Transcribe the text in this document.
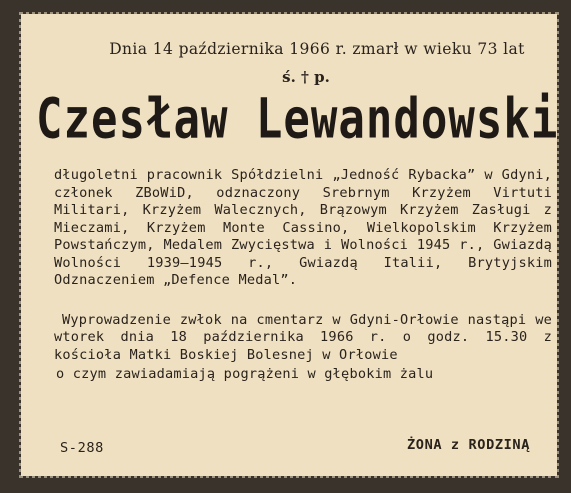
Dnia 14 października 1966 r. zmarł w wieku 73 lat
ś. † p.
Czesław Lewandowski
długoletni pracownik Spółdzielni „Jedność Rybacka” w Gdyni, członek ZBoWiD, odznaczony Srebrnym Krzyżem Virtuti Militari, Krzyżem Walecznych, Brązowym Krzyżem Zasługi z Mieczami, Krzyżem Monte Cassino, Wielkopolskim Krzyżem Powstańczym, Medalem Zwycięstwa i Wolności 1945 r., Gwiazdą Wolności 1939—1945 r., Gwiazdą Italii, Brytyjskim Odznaczeniem „Defence Medal”.
Wyprowadzenie zwłok na cmentarz w Gdyni-Orłowie nastąpi we wtorek dnia 18 października 1966 r. o godz. 15.30 z kościoła Matki Boskiej Bolesnej w Orłowie
o czym zawiadamiają pogrążeni w głębokim żalu
S-288	ŻONA z RODZINĄ
